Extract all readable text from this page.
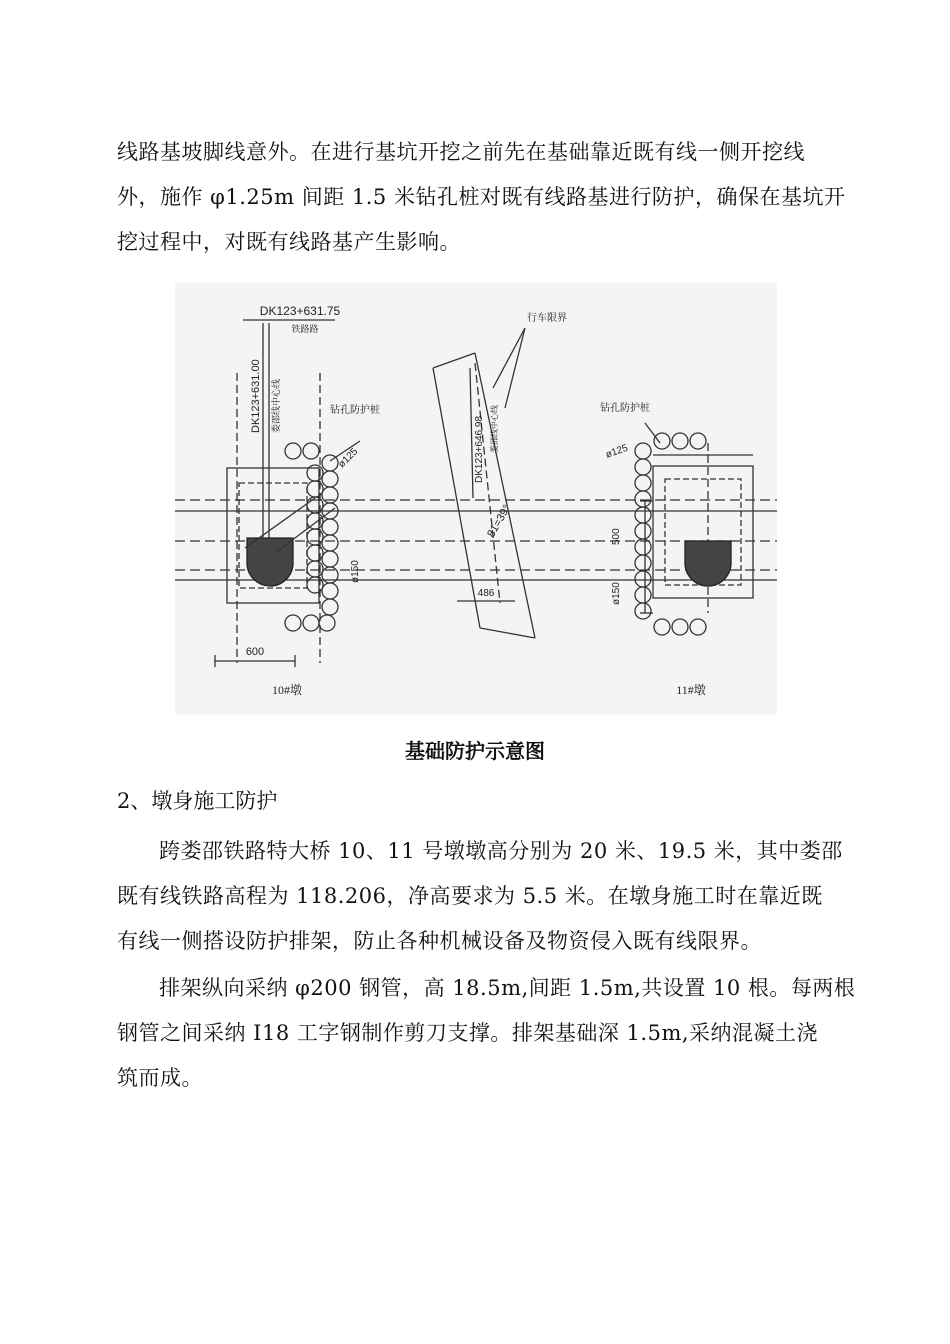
线路基坡脚线意外。在进行基坑开挖之前先在基础靠近既有线一侧开挖线
外，施作 φ1.25m 间距 1.5 米钻孔桩对既有线路基进行防护，确保在基坑开
挖过程中，对既有线路基产生影响。
DK123+631.75
铁路路
DK123+631.00 娄邵线中心线	钻孔防护桩
ø125
ø150
600
行车限界
DK123+646.98 娄邵线中心线
81=39°
486
钻孔防护桩
ø125
500
ø150
10#墩	11#墩
基础防护示意图
2、墩身施工防护
跨娄邵铁路特大桥 10、11 号墩墩高分别为 20 米、19.5 米，其中娄邵
既有线铁路高程为 118.206，净高要求为 5.5 米。在墩身施工时在靠近既
有线一侧搭设防护排架，防止各种机械设备及物资侵入既有线限界。
排架纵向采纳 φ200 钢管，高 18.5m,间距 1.5m,共设置 10 根。每两根
钢管之间采纳 I18 工字钢制作剪刀支撑。排架基础深 1.5m,采纳混凝土浇
筑而成。
